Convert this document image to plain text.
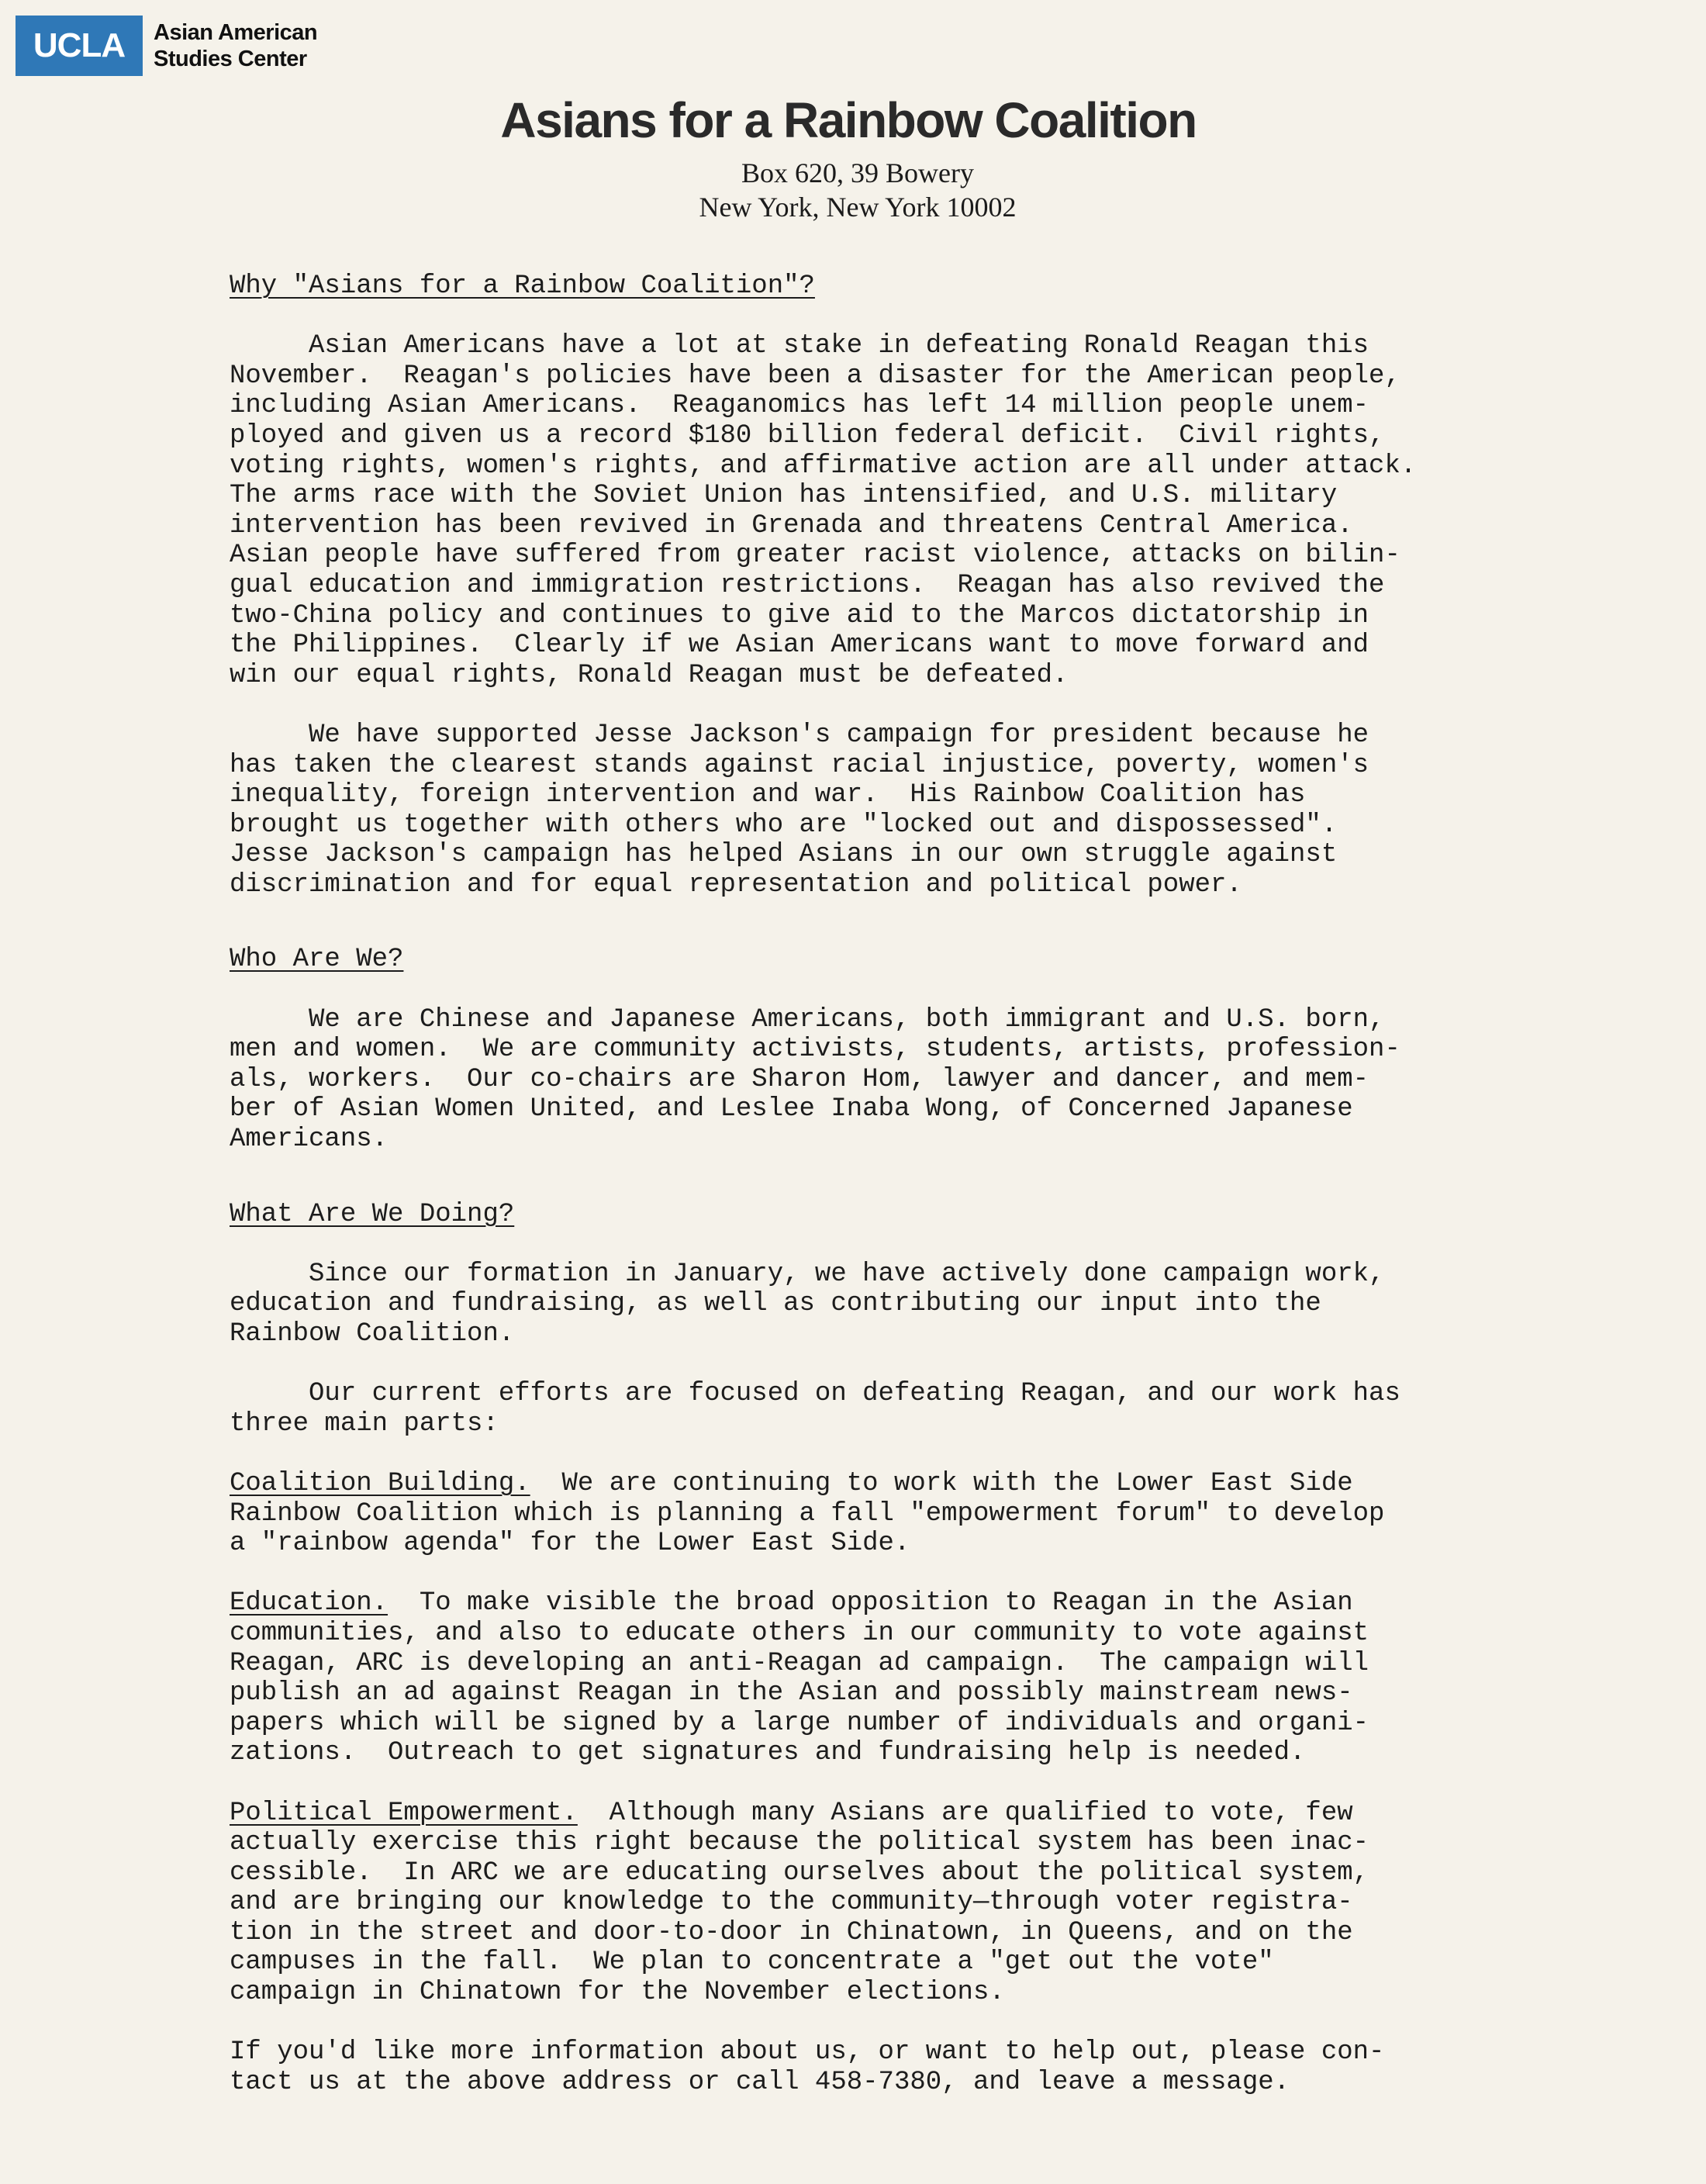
UCLA	Asian American
Studies Center
Asians for a Rainbow Coalition
Box 620, 39 Bowery
New York, New York 10002

Why "Asians for a Rainbow Coalition"?

Asian Americans have a lot at stake in defeating Ronald Reagan this

November.  Reagan's policies have been a disaster for the American people,

including Asian Americans.  Reaganomics has left 14 million people unem-

ployed and given us a record $180 billion federal deficit.  Civil rights,

voting rights, women's rights, and affirmative action are all under attack.

The arms race with the Soviet Union has intensified, and U.S. military

intervention has been revived in Grenada and threatens Central America.

Asian people have suffered from greater racist violence, attacks on bilin-

gual education and immigration restrictions.  Reagan has also revived the

two-China policy and continues to give aid to the Marcos dictatorship in

the Philippines.  Clearly if we Asian Americans want to move forward and

win our equal rights, Ronald Reagan must be defeated.

We have supported Jesse Jackson's campaign for president because he

has taken the clearest stands against racial injustice, poverty, women's

inequality, foreign intervention and war.  His Rainbow Coalition has

brought us together with others who are "locked out and dispossessed".

Jesse Jackson's campaign has helped Asians in our own struggle against

discrimination and for equal representation and political power.

Who Are We?

We are Chinese and Japanese Americans, both immigrant and U.S. born,

men and women.  We are community activists, students, artists, profession-

als, workers.  Our co-chairs are Sharon Hom, lawyer and dancer, and mem-

ber of Asian Women United, and Leslee Inaba Wong, of Concerned Japanese

Americans.

What Are We Doing?

Since our formation in January, we have actively done campaign work,

education and fundraising, as well as contributing our input into the

Rainbow Coalition.

Our current efforts are focused on defeating Reagan, and our work has

three main parts:

Coalition Building.  We are continuing to work with the Lower East Side

Rainbow Coalition which is planning a fall "empowerment forum" to develop

a "rainbow agenda" for the Lower East Side.

Education.  To make visible the broad opposition to Reagan in the Asian

communities, and also to educate others in our community to vote against

Reagan, ARC is developing an anti-Reagan ad campaign.  The campaign will

publish an ad against Reagan in the Asian and possibly mainstream news-

papers which will be signed by a large number of individuals and organi-

zations.  Outreach to get signatures and fundraising help is needed.

Political Empowerment.  Although many Asians are qualified to vote, few

actually exercise this right because the political system has been inac-

cessible.  In ARC we are educating ourselves about the political system,

and are bringing our knowledge to the community—through voter registra-

tion in the street and door-to-door in Chinatown, in Queens, and on the

campuses in the fall.  We plan to concentrate a "get out the vote"

campaign in Chinatown for the November elections.

If you'd like more information about us, or want to help out, please con-

tact us at the above address or call 458-7380, and leave a message.
